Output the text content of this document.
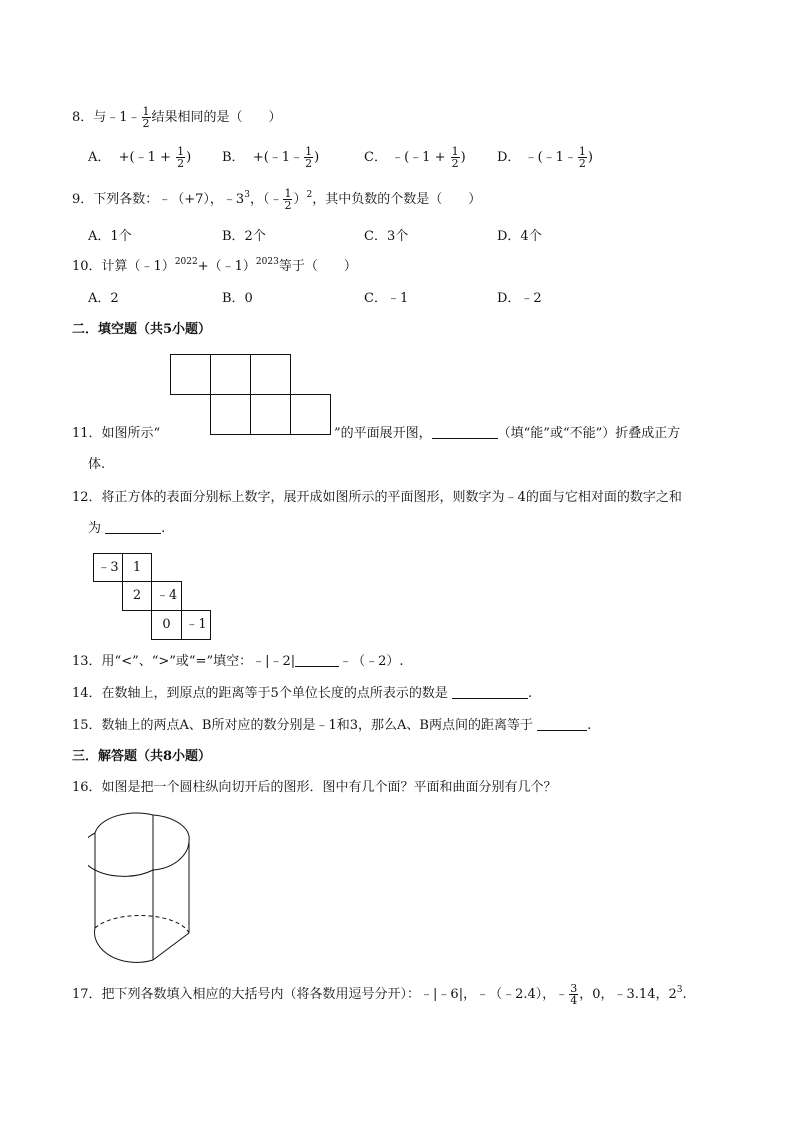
8．与﹣1﹣ $\frac{1}{2}$ 结果相同的是（　　）
A． +(﹣1 + $\frac{1}{2}$ ) B． +(﹣1﹣ $\frac{1}{2}$ )	C． ﹣(﹣1 + $\frac{1}{2}$ ) D． ﹣(﹣1﹣ $\frac{1}{2}$ )
9．下列各数：﹣（+7），$﹣3^3$，（﹣ $\frac{1}{2} )^2$，其中负数的个数是（　　）
A．1个	B．2个	C．3个	D．4个
10．计算（﹣1）$^{2022}$+（﹣1）$^{2023}$等于（　　）
A．2	B．0	C．﹣1	D．﹣2
二．填空题（共5小题）
11．如图所示“	”的平面展开图，	（填“能”或“不能”）折叠成正方
体.
12．将正方体的表面分别标上数字，展开成如图所示的平面图形，则数字为﹣4的面与它相对面的数字之和
为	.
﹣3	1
2	﹣4
0	﹣1
13．用“<”、“>”或“=”填空：﹣|﹣2|	﹣（﹣2）.
14．在数轴上，到原点的距离等于5个单位长度的点所表示的数是	.
15．数轴上的两点A、B所对应的数分别是﹣1和3，那么A、B两点间的距离等于	.
三．解答题（共8小题）
16．如图是把一个圆柱纵向切开后的图形．图中有几个面？平面和曲面分别有几个？
17．把下列各数填入相应的大括号内（将各数用逗号分开）：﹣|﹣6|，﹣（﹣2.4），﹣ $\frac{3}{4}$ ，0，﹣3.14，$2^3$.
